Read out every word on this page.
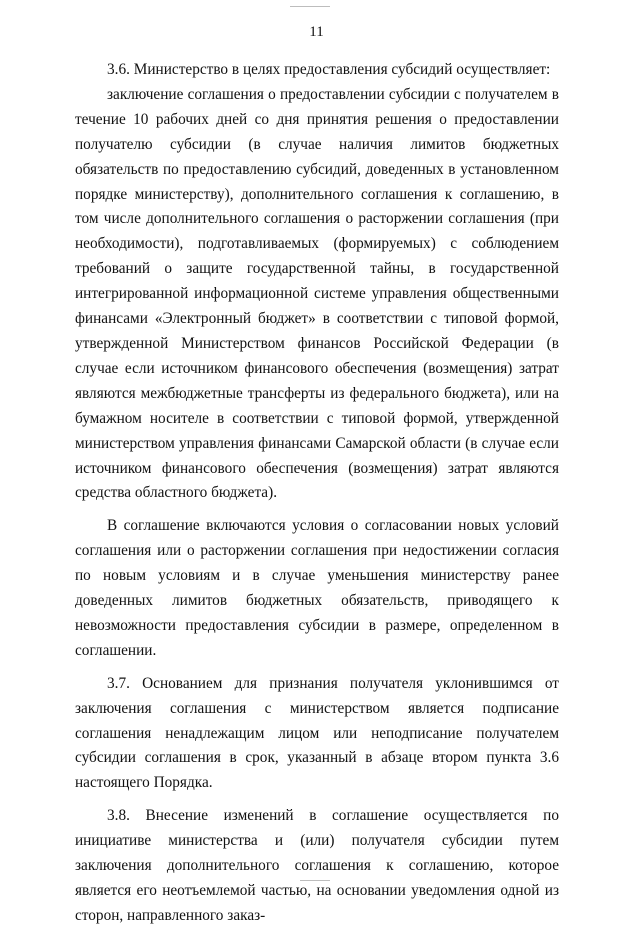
11

3.6. Министерство в целях предоставления субсидий осуществляет:

заключение соглашения о предоставлении субсидии с получателем в течение 10 рабочих дней со дня принятия решения о предоставлении получателю субсидии (в случае наличия лимитов бюджетных обязательств по предоставлению субсидий, доведенных в установленном порядке министерству), дополнительного соглашения к соглашению, в том числе дополнительного соглашения о расторжении соглашения (при необходимости), подготавливаемых (формируемых) с соблюдением требований о защите государственной тайны, в государственной интегрированной информационной системе управления общественными финансами «Электронный бюджет» в соответствии с типовой формой, утвержденной Министерством финансов Российской Федерации (в случае если источником финансового обеспечения (возмещения) затрат являются межбюджетные трансферты из федерального бюджета), или на бумажном носителе в соответствии с типовой формой, утвержденной министерством управления финансами Самарской области (в случае если источником финансового обеспечения (возмещения) затрат являются средства областного бюджета).

В соглашение включаются условия о согласовании новых условий соглашения или о расторжении соглашения при недостижении согласия по новым условиям и в случае уменьшения министерству ранее доведенных лимитов бюджетных обязательств, приводящего к невозможности предоставления субсидии в размере, определенном в соглашении.

3.7. Основанием для признания получателя уклонившимся от заключения соглашения с министерством является подписание соглашения ненадлежащим лицом или неподписание получателем субсидии соглашения в срок, указанный в абзаце втором пункта 3.6 настоящего Порядка.

3.8. Внесение изменений в соглашение осуществляется по инициативе министерства и (или) получателя субсидии путем заключения дополнительного соглашения к соглашению, которое является его неотъемлемой частью, на основании уведомления одной из сторон, направленного заказ-
